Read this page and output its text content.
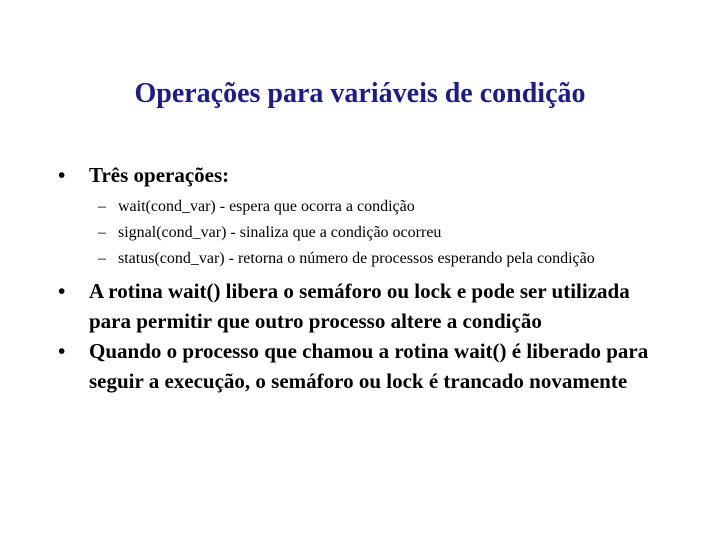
Operações para variáveis de condição
•	Três operações:
– wait(cond_var) - espera que ocorra a condição
– signal(cond_var) - sinaliza que a condição ocorreu
– status(cond_var) - retorna o número de processos esperando pela condição
•	A rotina wait() libera o semáforo ou lock e pode ser utilizada para permitir que outro processo altere a condição
•	Quando o processo que chamou a rotina wait() é liberado para seguir a execução, o semáforo ou lock é trancado novamente
